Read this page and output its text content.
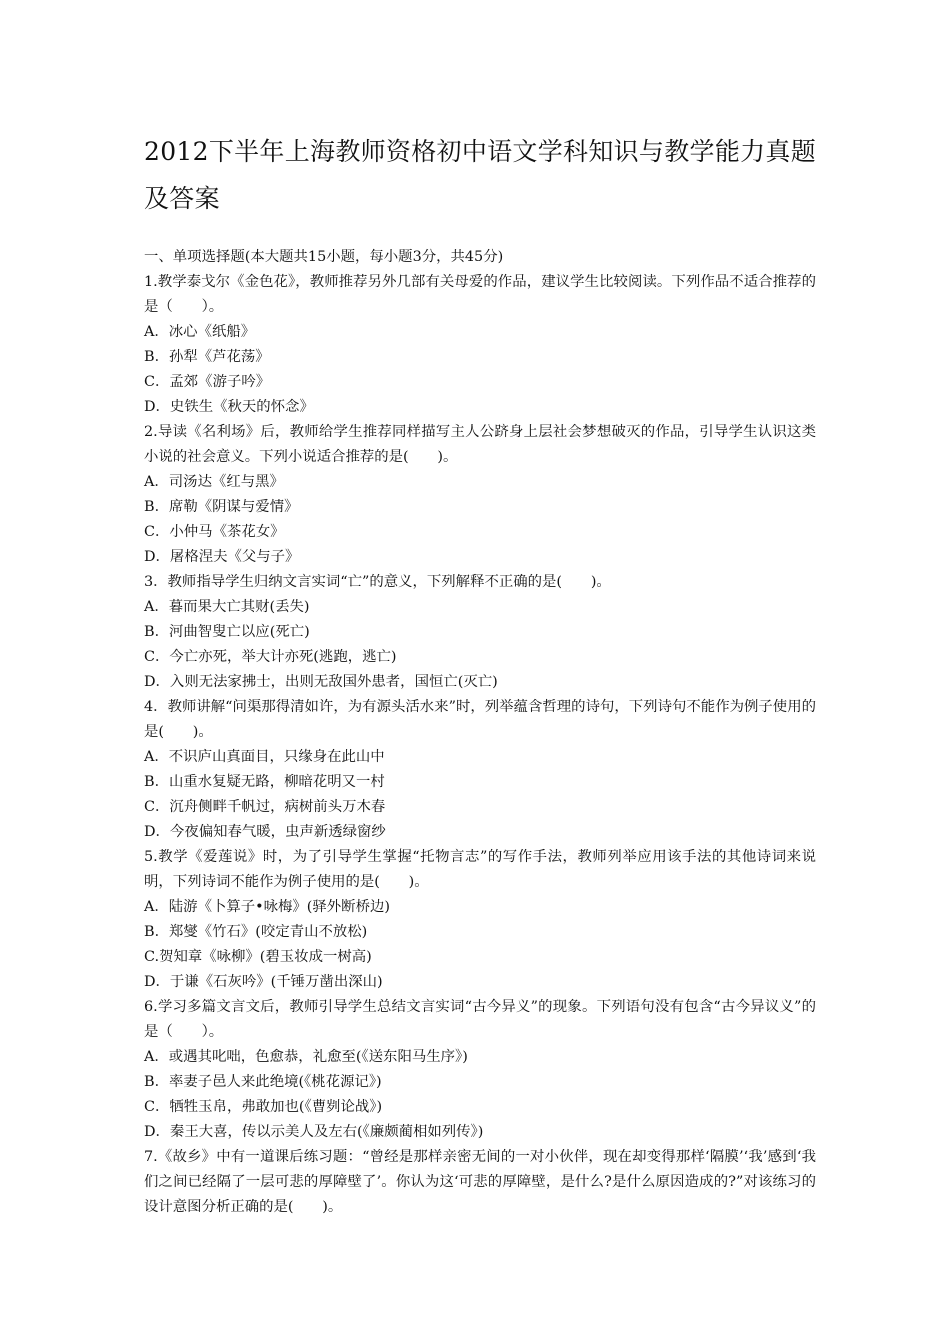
2012下半年上海教师资格初中语文学科知识与教学能力真题及答案
一、单项选择题(本大题共15小题，每小题3分，共45分)
1.教学泰戈尔《金色花》，教师推荐另外几部有关母爱的作品，建议学生比较阅读。下列作品不适合推荐的是（　　）。
A．冰心《纸船》
B．孙犁《芦花荡》
C．孟郊《游子吟》
D．史铁生《秋天的怀念》
2.导读《名利场》后，教师给学生推荐同样描写主人公跻身上层社会梦想破灭的作品，引导学生认识这类小说的社会意义。下列小说适合推荐的是(　　)。
A．司汤达《红与黑》
B．席勒《阴谋与爱情》
C．小仲马《茶花女》
D．屠格涅夫《父与子》
3．教师指导学生归纳文言实词“亡”的意义，下列解释不正确的是(　　)。
A．暮而果大亡其财(丢失)
B．河曲智叟亡以应(死亡)
C．今亡亦死，举大计亦死(逃跑，逃亡)
D．入则无法家拂士，出则无敌国外患者，国恒亡(灭亡)
4．教师讲解“问渠那得清如许，为有源头活水来”时，列举蕴含哲理的诗句，下列诗句不能作为例子使用的是(　　)。
A．不识庐山真面目，只缘身在此山中
B．山重水复疑无路，柳暗花明又一村
C．沉舟侧畔千帆过，病树前头万木春
D．今夜偏知春气暖，虫声新透绿窗纱
5.教学《爱莲说》时，为了引导学生掌握“托物言志”的写作手法，教师列举应用该手法的其他诗词来说明，下列诗词不能作为例子使用的是(　　)。
A．陆游《卜算子•咏梅》(驿外断桥边)
B．郑燮《竹石》(咬定青山不放松)
C.贺知章《咏柳》(碧玉妆成一树高)
D．于谦《石灰吟》(千锤万凿出深山)
6.学习多篇文言文后，教师引导学生总结文言实词“古今异义”的现象。下列语句没有包含“古今异议义”的是（　　）。
A．或遇其叱咄，色愈恭，礼愈至(《送东阳马生序》)
B．率妻子邑人来此绝境(《桃花源记》)
C．牺牲玉帛，弗敢加也(《曹刿论战》)
D．秦王大喜，传以示美人及左右(《廉颇蔺相如列传》)
7.《故乡》中有一道课后练习题：“曾经是那样亲密无间的一对小伙伴，现在却变得那样‘隔膜’‘我’感到‘我们之间已经隔了一层可悲的厚障壁了’。你认为这‘可悲的厚障壁，是什么?是什么原因造成的?”对该练习的设计意图分析正确的是(　　)。
